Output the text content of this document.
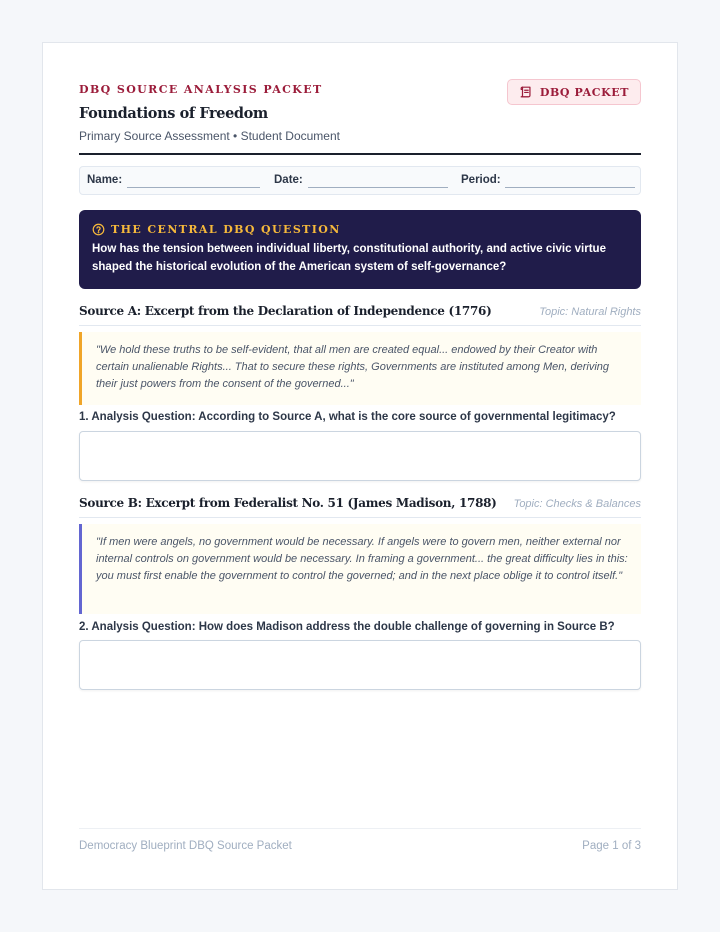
DBQ SOURCE ANALYSIS PACKET
Foundations of Freedom
Primary Source Assessment • Student Document
DBQ PACKET
Name:	Date:	Period:
THE CENTRAL DBQ QUESTION
How has the tension between individual liberty, constitutional authority, and active civic virtue shaped the historical evolution of the American system of self-governance?
Source A: Excerpt from the Declaration of Independence (1776)	Topic: Natural Rights
"We hold these truths to be self-evident, that all men are created equal... endowed by their Creator with certain unalienable Rights... That to secure these rights, Governments are instituted among Men, deriving their just powers from the consent of the governed..."
1. Analysis Question: According to Source A, what is the core source of governmental legitimacy?
Source B: Excerpt from Federalist No. 51 (James Madison, 1788) Topic: Checks & Balances
"If men were angels, no government would be necessary. If angels were to govern men, neither external nor internal controls on government would be necessary. In framing a government... the great difficulty lies in this: you must first enable the government to control the governed; and in the next place oblige it to control itself."
2. Analysis Question: How does Madison address the double challenge of governing in Source B?
Democracy Blueprint DBQ Source Packet	Page 1 of 3
